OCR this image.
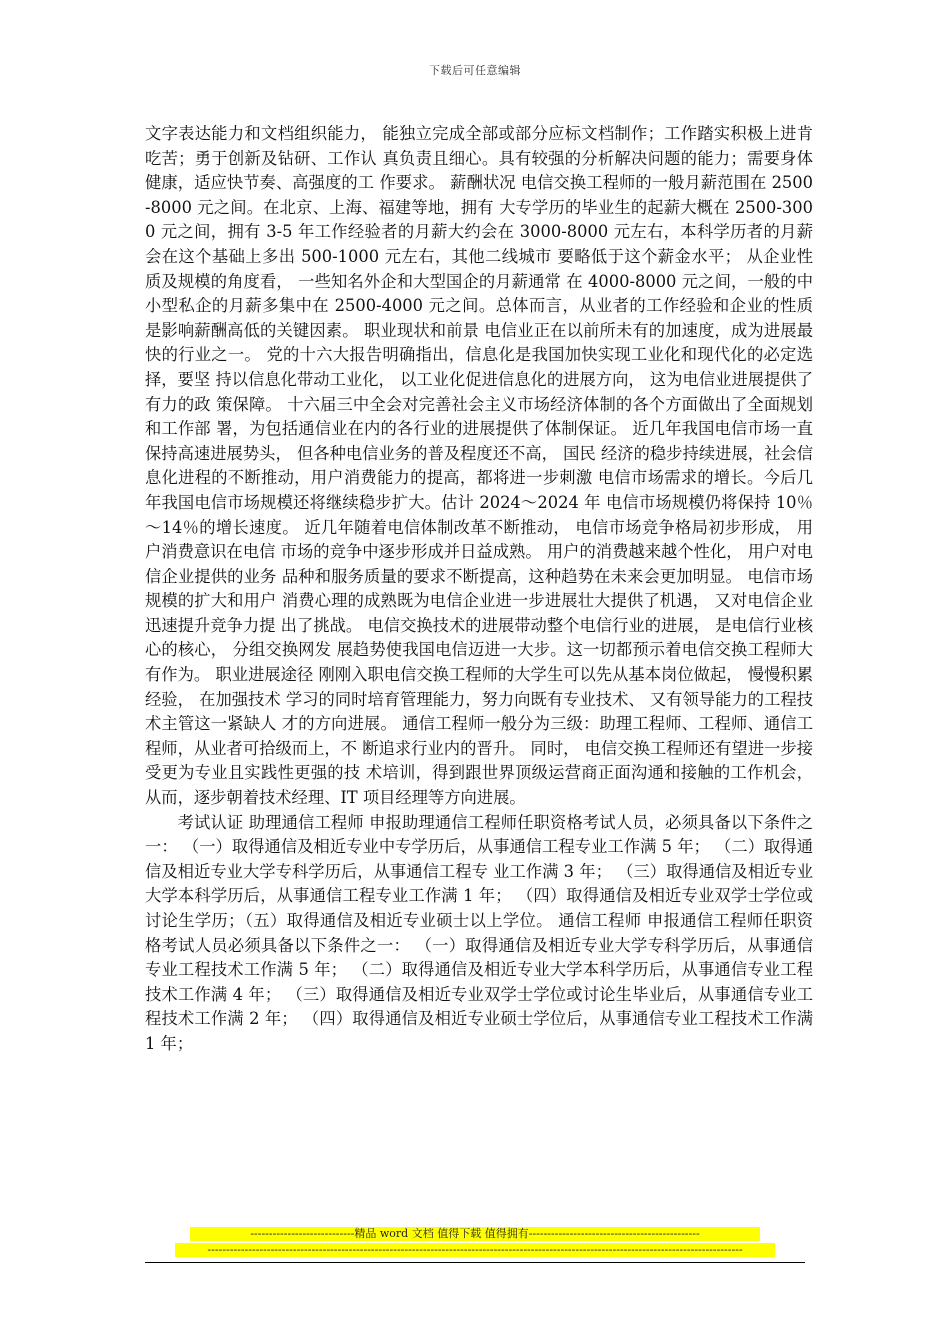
下载后可任意编辑

文字表达能力和文档组织能力， 能独立完成全部或部分应标文档制作；工作踏实积极上进肯吃苦；勇于创新及钻研、工作认 真负责且细心。具有较强的分析解决问题的能力；需要身体健康，适应快节奏、高强度的工 作要求。 薪酬状况 电信交换工程师的一般月薪范围在 2500-8000 元之间。在北京、上海、福建等地，拥有 大专学历的毕业生的起薪大概在 2500-3000 元之间，拥有 3-5 年工作经验者的月薪大约会在 3000-8000 元左右，本科学历者的月薪会在这个基础上多出 500-1000 元左右，其他二线城市 要略低于这个薪金水平； 从企业性质及规模的角度看， 一些知名外企和大型国企的月薪通常 在 4000-8000 元之间，一般的中小型私企的月薪多集中在 2500-4000 元之间。总体而言，从业者的工作经验和企业的性质是影响薪酬高低的关键因素。 职业现状和前景 电信业正在以前所未有的加速度，成为进展最快的行业之一。 党的十六大报告明确指出，信息化是我国加快实现工业化和现代化的必定选择，要坚 持以信息化带动工业化， 以工业化促进信息化的进展方向， 这为电信业进展提供了有力的政 策保障。 十六届三中全会对完善社会主义市场经济体制的各个方面做出了全面规划和工作部 署，为包括通信业在内的各行业的进展提供了体制保证。 近几年我国电信市场一直保持高速进展势头， 但各种电信业务的普及程度还不高， 国民 经济的稳步持续进展，社会信息化进程的不断推动，用户消费能力的提高，都将进一步刺激 电信市场需求的增长。今后几年我国电信市场规模还将继续稳步扩大。估计 2024～2024 年 电信市场规模仍将保持 10％～14％的增长速度。 近几年随着电信体制改革不断推动， 电信市场竞争格局初步形成， 用户消费意识在电信 市场的竞争中逐步形成并日益成熟。 用户的消费越来越个性化， 用户对电信企业提供的业务 品种和服务质量的要求不断提高，这种趋势在未来会更加明显。 电信市场规模的扩大和用户 消费心理的成熟既为电信企业进一步进展壮大提供了机遇， 又对电信企业迅速提升竞争力提 出了挑战。 电信交换技术的进展带动整个电信行业的进展， 是电信行业核心的核心， 分组交换网发 展趋势使我国电信迈进一大步。这一切都预示着电信交换工程师大有作为。 职业进展途径 刚刚入职电信交换工程师的大学生可以先从基本岗位做起， 慢慢积累经验， 在加强技术 学习的同时培育管理能力，努力向既有专业技术、 又有领导能力的工程技术主管这一紧缺人 才的方向进展。 通信工程师一般分为三级：助理工程师、工程师、通信工程师，从业者可拾级而上，不 断追求行业内的晋升。 同时， 电信交换工程师还有望进一步接受更为专业且实践性更强的技 术培训，得到跟世界顶级运营商正面沟通和接触的工作机会，从而，逐步朝着技术经理、IT 项目经理等方向进展。

考试认证 助理通信工程师 申报助理通信工程师任职资格考试人员，必须具备以下条件之一： （一）取得通信及相近专业中专学历后，从事通信工程专业工作满 5 年； （二）取得通信及相近专业大学专科学历后，从事通信工程专 业工作满 3 年； （三）取得通信及相近专业大学本科学历后，从事通信工程专业工作满 1 年； （四）取得通信及相近专业双学士学位或讨论生学历；（五）取得通信及相近专业硕士以上学位。 通信工程师 申报通信工程师任职资格考试人员必须具备以下条件之一： （一）取得通信及相近专业大学专科学历后，从事通信专业工程技术工作满 5 年； （二）取得通信及相近专业大学本科学历后，从事通信专业工程技术工作满 4 年； （三）取得通信及相近专业双学士学位或讨论生毕业后，从事通信专业工程技术工作满 2 年； （四）取得通信及相近专业硕士学位后，从事通信专业工程技术工作满 1 年；

----------------------------精品 word 文档 值得下载 值得拥有----------------------------------------------
------------------------------------------------------------------------------------------------------------------------------------------------
